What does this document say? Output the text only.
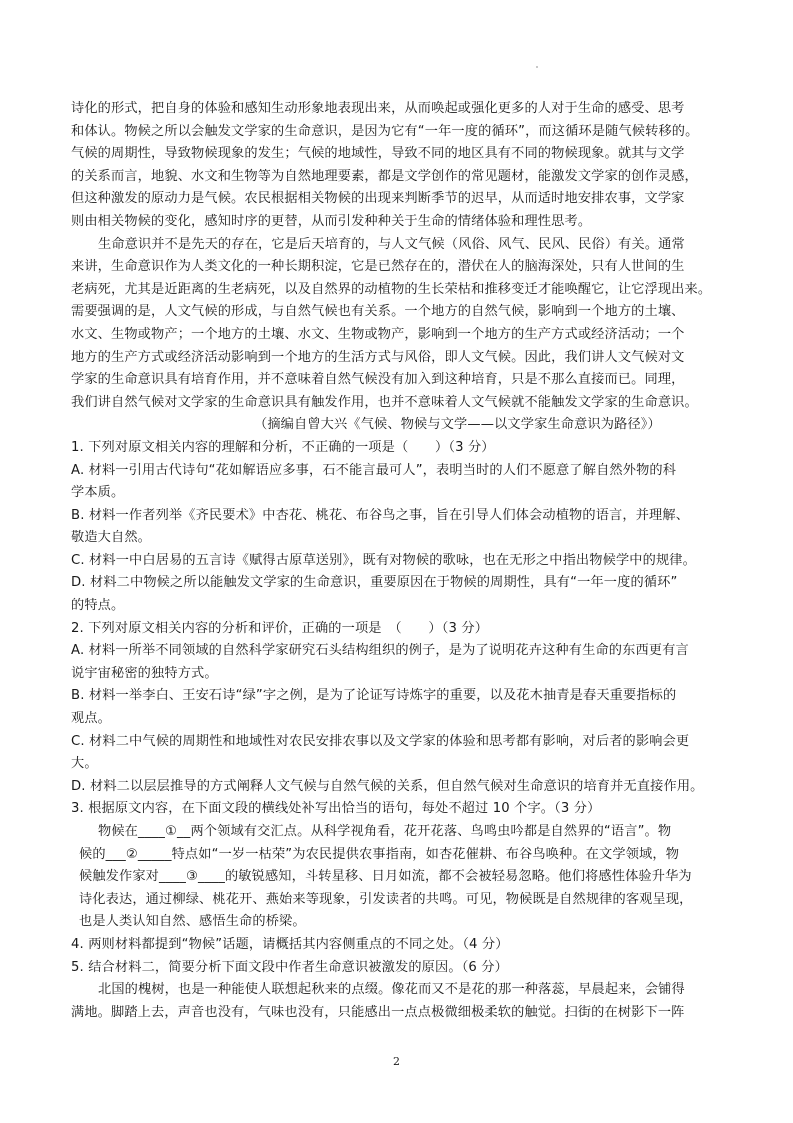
诗化的形式，把自身的体验和感知生动形象地表现出来，从而唤起或强化更多的人对于生命的感受、思考
和体认。物候之所以会触发文学家的生命意识，是因为它有“一年一度的循环”，而这循环是随气候转移的。
气候的周期性，导致物候现象的发生；气候的地域性，导致不同的地区具有不同的物候现象。就其与文学
的关系而言，地貌、水文和生物等为自然地理要素，都是文学创作的常见题材，能激发文学家的创作灵感，
但这种激发的原动力是气候。农民根据相关物候的出现来判断季节的迟早，从而适时地安排农事，文学家
则由相关物候的变化，感知时序的更替，从而引发种种关于生命的情绪体验和理性思考。
生命意识并不是先天的存在，它是后天培育的，与人文气候（风俗、风气、民风、民俗）有关。通常
来讲，生命意识作为人类文化的一种长期积淀，它是已然存在的，潜伏在人的脑海深处，只有人世间的生
老病死，尤其是近距离的生老病死，以及自然界的动植物的生长荣枯和推移变迁才能唤醒它，让它浮现出来。
需要强调的是，人文气候的形成，与自然气候也有关系。一个地方的自然气候，影响到一个地方的土壤、
水文、生物或物产；一个地方的土壤、水文、生物或物产，影响到一个地方的生产方式或经济活动；一个
地方的生产方式或经济活动影响到一个地方的生活方式与风俗，即人文气候。因此，我们讲人文气候对文
学家的生命意识具有培育作用，并不意味着自然气候没有加入到这种培育，只是不那么直接而已。同理，
我们讲自然气候对文学家的生命意识具有触发作用，也并不意味着人文气候就不能触发文学家的生命意识。
（摘编自曾大兴《气候、物候与文学——以文学家生命意识为路径》）
1. 下列对原文相关内容的理解和分析，不正确的一项是（　　）（3 分）
A. 材料一引用古代诗句“花如解语应多事，石不能言最可人”，表明当时的人们不愿意了解自然外物的科
学本质。
B. 材料一作者列举《齐民要术》中杏花、桃花、布谷鸟之事，旨在引导人们体会动植物的语言，并理解、
敬造大自然。
C. 材料一中白居易的五言诗《赋得古原草送别》，既有对物候的歌咏，也在无形之中指出物候学中的规律。
D. 材料二中物候之所以能触发文学家的生命意识，重要原因在于物候的周期性，具有“一年一度的循环”
的特点。
2. 下列对原文相关内容的分析和评价，正确的一项是　（　　）（3 分）
A. 材料一所举不同领域的自然科学家研究石头结构组织的例子，是为了说明花卉这种有生命的东西更有言
说宇宙秘密的独特方式。
B. 材料一举李白、王安石诗“绿”字之例，是为了论证写诗炼字的重要，以及花木抽青是春天重要指标的
观点。
C. 材料二中气候的周期性和地域性对农民安排农事以及文学家的体验和思考都有影响，对后者的影响会更
大。
D. 材料二以层层推导的方式阐释人文气候与自然气候的关系，但自然气候对生命意识的培育并无直接作用。
3. 根据原文内容，在下面文段的横线处补写出恰当的语句，每处不超过 10 个字。（3 分）
物候在____①__两个领域有交汇点。从科学视角看，花开花落、鸟鸣虫吟都是自然界的“语言”。物
候的___②_____特点如“一岁一枯荣”为农民提供农事指南，如杏花催耕、布谷鸟唤种。在文学领域，物
候触发作家对____③____的敏锐感知，斗转星移、日月如流，都不会被轻易忽略。他们将感性体验升华为
诗化表达，通过柳绿、桃花开、燕始来等现象，引发读者的共鸣。可见，物候既是自然规律的客观呈现，
也是人类认知自然、感悟生命的桥梁。
4. 两则材料都提到“物候”话题，请概括其内容侧重点的不同之处。（4 分）
5. 结合材料二，简要分析下面文段中作者生命意识被激发的原因。（6 分）
北国的槐树，也是一种能使人联想起秋来的点缀。像花而又不是花的那一种落蕊，早晨起来，会铺得
满地。脚踏上去，声音也没有，气味也没有，只能感出一点点极微细极柔软的触觉。扫街的在树影下一阵
2
